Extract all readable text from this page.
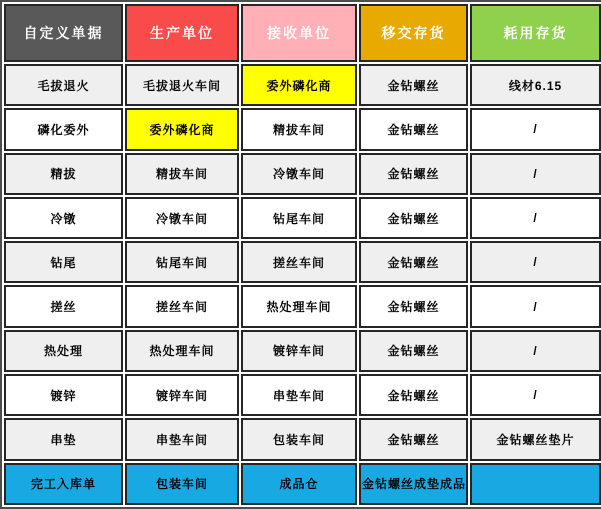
自定义单据	生产单位	接收单位	移交存货	耗用存货
毛拔退火	毛拔退火车间	委外磷化商	金钻螺丝	线材6.15
磷化委外	委外磷化商	精拔车间	金钻螺丝	/
精拔	精拔车间	冷镦车间	金钻螺丝	/
冷镦	冷镦车间	钻尾车间	金钻螺丝	/
钻尾	钻尾车间	搓丝车间	金钻螺丝	/
搓丝	搓丝车间	热处理车间	金钻螺丝	/
热处理	热处理车间	镀锌车间	金钻螺丝	/
镀锌	镀锌车间	串垫车间	金钻螺丝	/
串垫	串垫车间	包装车间	金钻螺丝	金钻螺丝垫片
完工入库单	包装车间	成品仓	金钻螺丝成垫成品	
